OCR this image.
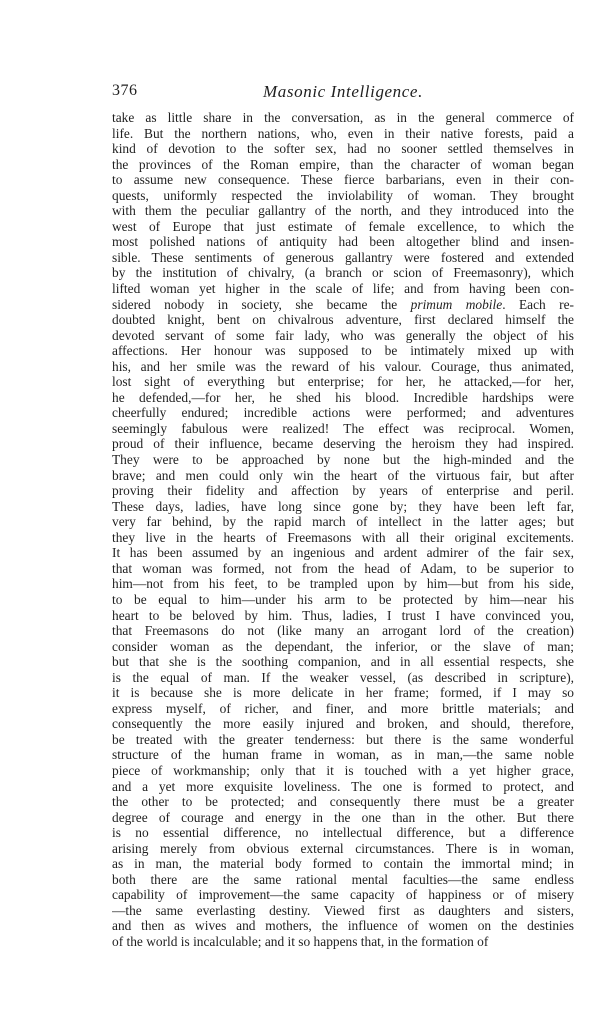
376	Masonic Intelligence.
take as little share in the conversation, as in the general commerce of
life. But the northern nations, who, even in their native forests, paid a
kind of devotion to the softer sex, had no sooner settled themselves in
the provinces of the Roman empire, than the character of woman began
to assume new consequence. These fierce barbarians, even in their con-
quests, uniformly respected the inviolability of woman. They brought
with them the peculiar gallantry of the north, and they introduced into the
west of Europe that just estimate of female excellence, to which the
most polished nations of antiquity had been altogether blind and insen-
sible. These sentiments of generous gallantry were fostered and extended
by the institution of chivalry, (a branch or scion of Freemasonry), which
lifted woman yet higher in the scale of life; and from having been con-
sidered nobody in society, she became the primum mobile. Each re-
doubted knight, bent on chivalrous adventure, first declared himself the
devoted servant of some fair lady, who was generally the object of his
affections. Her honour was supposed to be intimately mixed up with
his, and her smile was the reward of his valour. Courage, thus animated,
lost sight of everything but enterprise; for her, he attacked,—for her,
he defended,—for her, he shed his blood. Incredible hardships were
cheerfully endured; incredible actions were performed; and adventures
seemingly fabulous were realized! The effect was reciprocal. Women,
proud of their influence, became deserving the heroism they had inspired.
They were to be approached by none but the high-minded and the
brave; and men could only win the heart of the virtuous fair, but after
proving their fidelity and affection by years of enterprise and peril.
These days, ladies, have long since gone by; they have been left far,
very far behind, by the rapid march of intellect in the latter ages; but
they live in the hearts of Freemasons with all their original excitements.
It has been assumed by an ingenious and ardent admirer of the fair sex,
that woman was formed, not from the head of Adam, to be superior to
him—not from his feet, to be trampled upon by him—but from his side,
to be equal to him—under his arm to be protected by him—near his
heart to be beloved by him. Thus, ladies, I trust I have convinced you,
that Freemasons do not (like many an arrogant lord of the creation)
consider woman as the dependant, the inferior, or the slave of man;
but that she is the soothing companion, and in all essential respects, she
is the equal of man. If the weaker vessel, (as described in scripture),
it is because she is more delicate in her frame; formed, if I may so
express myself, of richer, and finer, and more brittle materials; and
consequently the more easily injured and broken, and should, therefore,
be treated with the greater tenderness: but there is the same wonderful
structure of the human frame in woman, as in man,—the same noble
piece of workmanship; only that it is touched with a yet higher grace,
and a yet more exquisite loveliness. The one is formed to protect, and
the other to be protected; and consequently there must be a greater
degree of courage and energy in the one than in the other. But there
is no essential difference, no intellectual difference, but a difference
arising merely from obvious external circumstances. There is in woman,
as in man, the material body formed to contain the immortal mind; in
both there are the same rational mental faculties—the same endless
capability of improvement—the same capacity of happiness or of misery
—the same everlasting destiny. Viewed first as daughters and sisters,
and then as wives and mothers, the influence of women on the destinies
of the world is incalculable; and it so happens that, in the formation of
